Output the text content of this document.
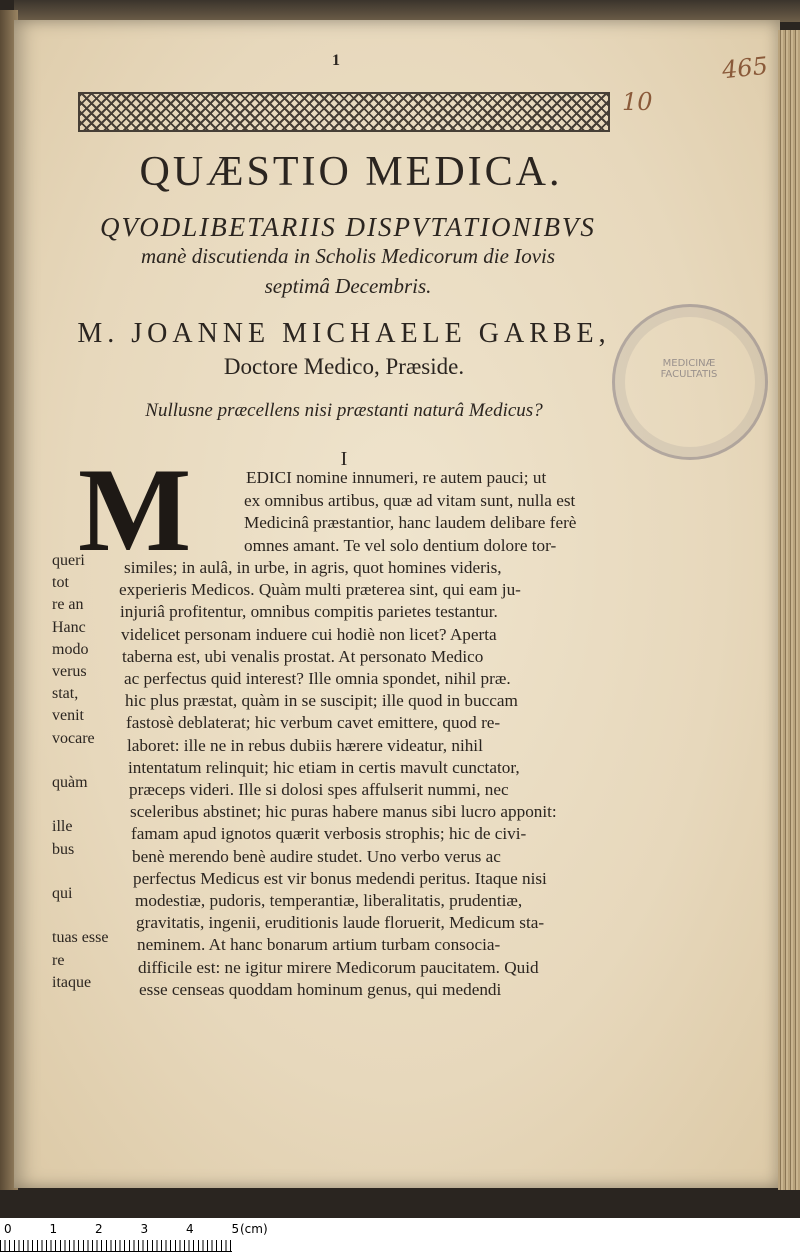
1	465
10
QUÆSTIO MEDICA.
QVODLIBETARIIS DISPVTATIONIBVS
manè discutienda in Scholis Medicorum die Iovis
septimâ Decembris.
M. JOANNE MICHAELE GARBE,
Doctore Medico, Præside.
Nullusne præcellens nisi præstanti naturâ Medicus?
I
M	EDICI nomine innumeri, re autem pauci; ut
ex omnibus artibus, quæ ad vitam sunt, nulla est
Medicinâ præstantior, hanc laudem delibare ferè
omnes amant. Te vel solo dentium dolore tor-
similes; in aulâ, in urbe, in agris, quot homines videris,
experieris Medicos. Quàm multi præterea sint, qui eam ju-
injuriâ profitentur, omnibus compitis parietes testantur.
videlicet personam induere cui hodiè non licet? Aperta
taberna est, ubi venalis prostat. At personato Medico
ac perfectus quid interest? Ille omnia spondet, nihil præ.
hic plus præstat, quàm in se suscipit; ille quod in buccam
fastosè deblaterat; hic verbum cavet emittere, quod re-
laboret: ille ne in rebus dubiis hærere videatur, nihil
intentatum relinquit; hic etiam in certis mavult cunctator,
præceps videri. Ille si dolosi spes affulserit nummi, nec
sceleribus abstinet; hic puras habere manus sibi lucro apponit:
famam apud ignotos quærit verbosis strophis; hic de civi-
benè merendo benè audire studet. Uno verbo verus ac
perfectus Medicus est vir bonus medendi peritus. Itaque nisi
modestiæ, pudoris, temperantiæ, liberalitatis, prudentiæ,
gravitatis, ingenii, eruditionis laude floruerit, Medicum sta-
neminem. At hanc bonarum artium turbam consocia-
difficile est: ne igitur mirere Medicorum paucitatem. Quid
esse censeas quoddam hominum genus, qui medendi
queri
tot
re an
Hanc
modo
verus
stat,
venit
vocare
quàm
ille
bus
qui
tuas esse
re
itaque
MEDICINÆ FACULTATIS
0	1	2	3	4	5 (cm)
